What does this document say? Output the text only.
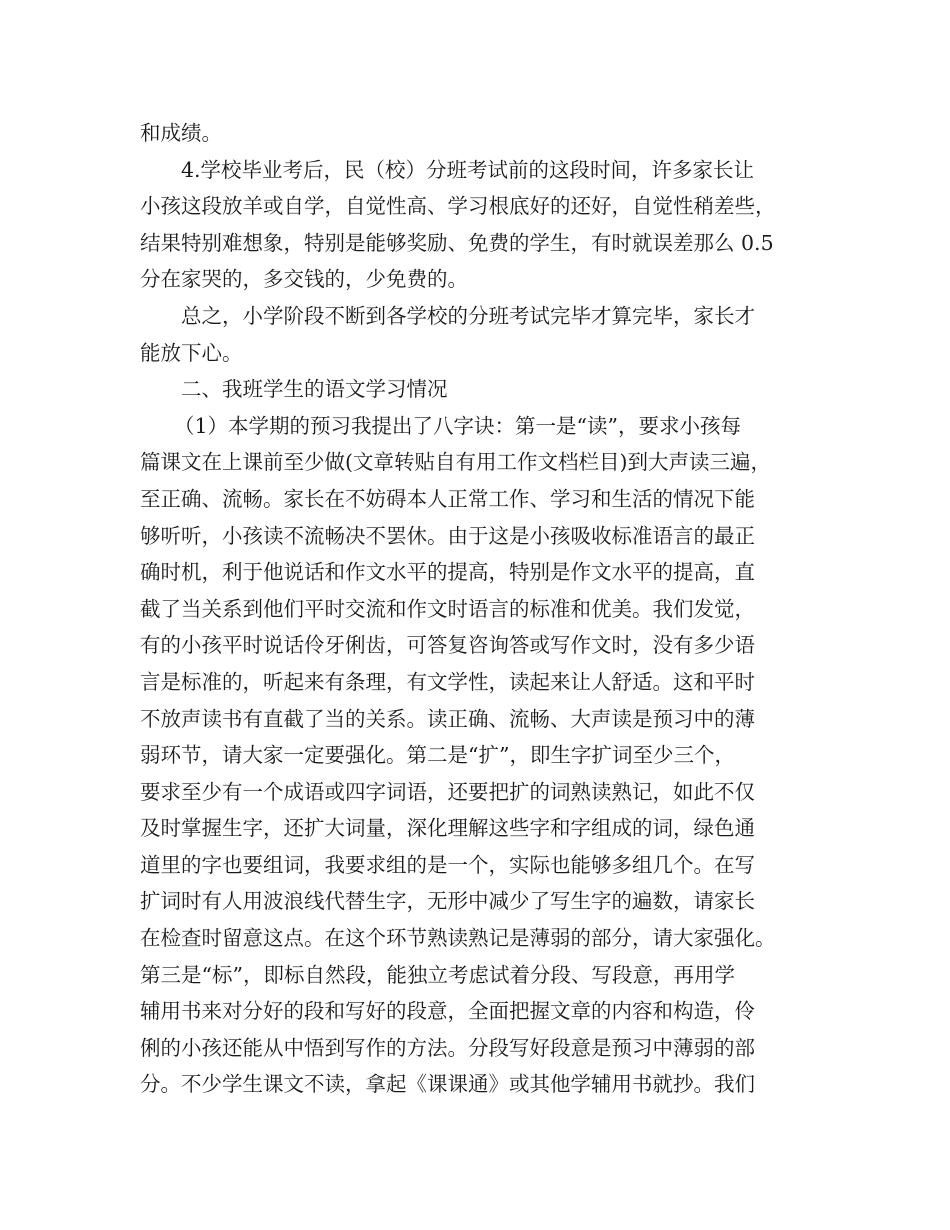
和成绩。
4.学校毕业考后，民（校）分班考试前的这段时间，许多家长让
小孩这段放羊或自学，自觉性高、学习根底好的还好，自觉性稍差些，
结果特别难想象，特别是能够奖励、免费的学生，有时就误差那么 0.5
分在家哭的，多交钱的，少免费的。
总之，小学阶段不断到各学校的分班考试完毕才算完毕，家长才
能放下心。
二、我班学生的语文学习情况
（1）本学期的预习我提出了八字诀：第一是“读”，要求小孩每
篇课文在上课前至少做(文章转贴自有用工作文档栏目)到大声读三遍，
至正确、流畅。家长在不妨碍本人正常工作、学习和生活的情况下能
够听听，小孩读不流畅决不罢休。由于这是小孩吸收标准语言的最正
确时机，利于他说话和作文水平的提高，特别是作文水平的提高，直
截了当关系到他们平时交流和作文时语言的标准和优美。我们发觉，
有的小孩平时说话伶牙俐齿，可答复咨询答或写作文时，没有多少语
言是标准的，听起来有条理，有文学性，读起来让人舒适。这和平时
不放声读书有直截了当的关系。读正确、流畅、大声读是预习中的薄
弱环节，请大家一定要强化。第二是“扩”，即生字扩词至少三个，
要求至少有一个成语或四字词语，还要把扩的词熟读熟记，如此不仅
及时掌握生字，还扩大词量，深化理解这些字和字组成的词，绿色通
道里的字也要组词，我要求组的是一个，实际也能够多组几个。在写
扩词时有人用波浪线代替生字，无形中减少了写生字的遍数，请家长
在检查时留意这点。在这个环节熟读熟记是薄弱的部分，请大家强化。
第三是“标”，即标自然段，能独立考虑试着分段、写段意，再用学
辅用书来对分好的段和写好的段意，全面把握文章的内容和构造，伶
俐的小孩还能从中悟到写作的方法。分段写好段意是预习中薄弱的部
分。不少学生课文不读，拿起《课课通》或其他学辅用书就抄。我们
